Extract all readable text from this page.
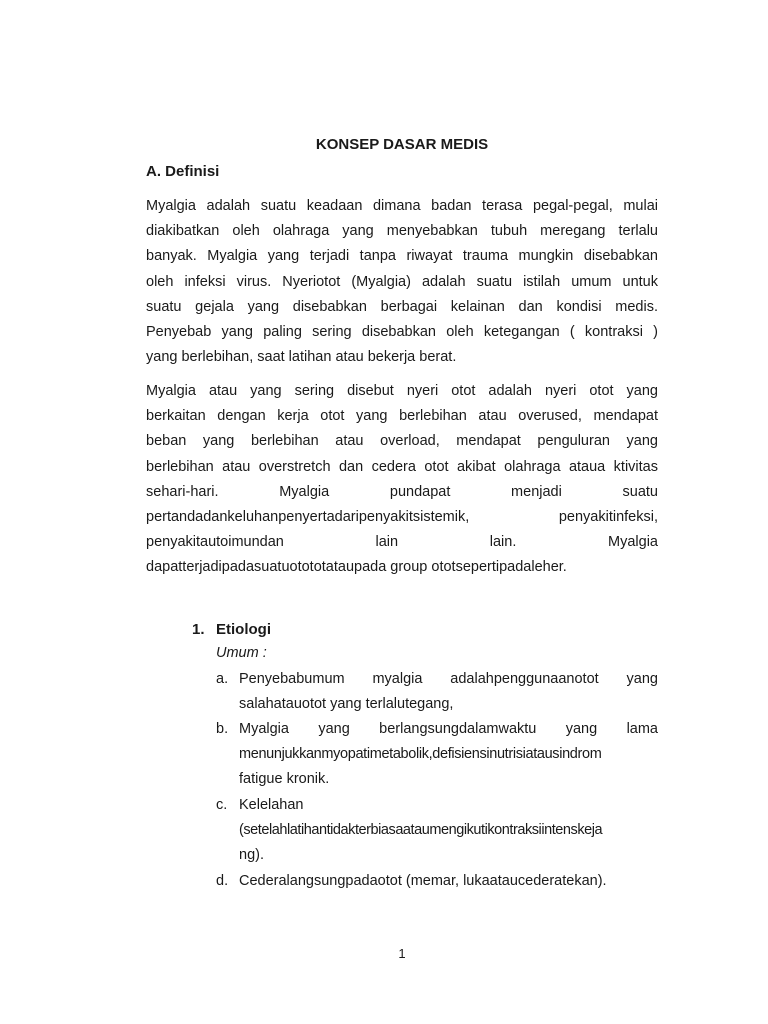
KONSEP DASAR MEDIS
A. Definisi
Myalgia adalah suatu keadaan dimana badan terasa pegal-pegal, mulai
diakibatkan oleh olahraga yang menyebabkan tubuh meregang terlalu
banyak. Myalgia yang terjadi tanpa riwayat trauma mungkin disebabkan
oleh infeksi virus. Nyeriotot (Myalgia) adalah suatu istilah umum untuk
suatu gejala yang disebabkan berbagai kelainan dan kondisi medis.
Penyebab yang paling sering disebabkan oleh ketegangan ( kontraksi )
yang berlebihan, saat latihan atau bekerja berat.
Myalgia atau yang sering disebut nyeri otot adalah nyeri otot yang
berkaitan dengan kerja otot yang berlebihan atau overused, mendapat
beban yang berlebihan atau overload, mendapat penguluran yang
berlebihan atau overstretch dan cedera otot akibat olahraga ataua ktivitas
sehari-hari. Myalgia pundapat menjadi suatu
pertandadankeluhanpenyertadaripenyakitsistemik, penyakitinfeksi,
penyakitautoimundan lain lain. Myalgia
dapatterjadipadasuatuotototataupada group ototsepertipadaleher.
1. Etiologi
Umum :
a. Penyebabumum myalgia adalahpenggunaanotot yang
salahatauotot yang terlalutegang,
b. Myalgia yang berlangsungdalamwaktu yang lama
menunjukkanmyopatimetabolik,defisiensinutrisiatausindrom
fatigue kronik.
c. Kelelahan
(setelahlatihantidakterbiasaataumengikutikontraksiintenskeja
ng).
d. Cederalangsungpadaotot (memar, lukaataucederatekan).
1
